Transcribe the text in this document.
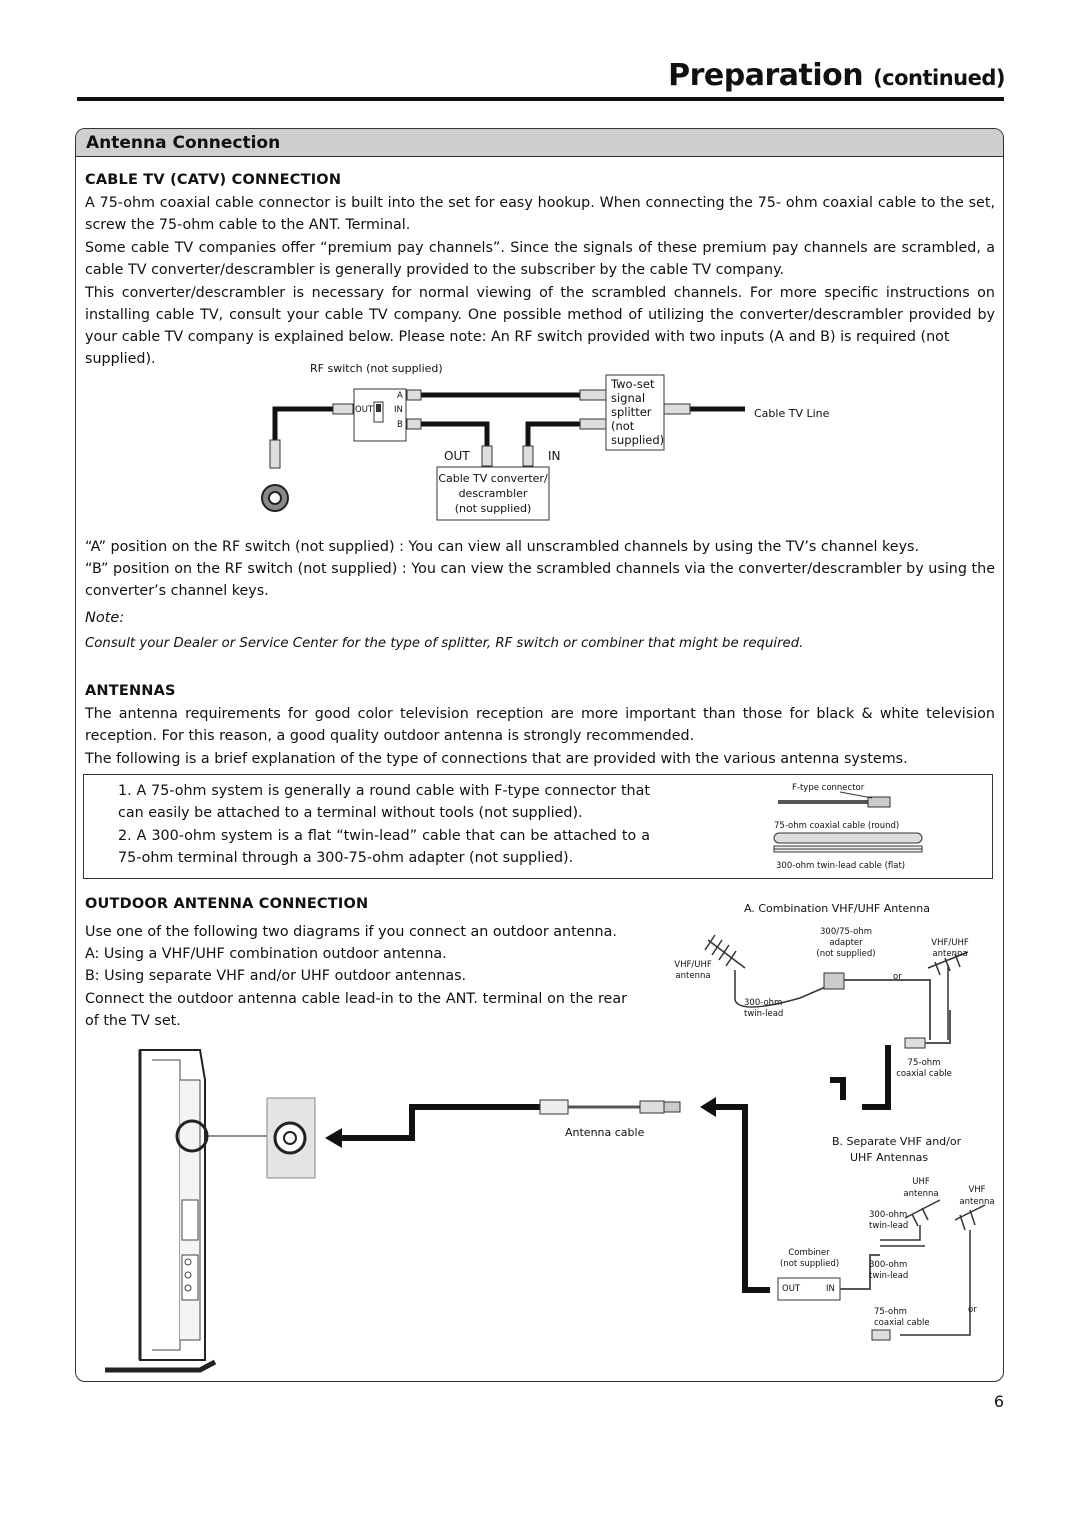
Preparation (continued)
Antenna Connection
CABLE TV (CATV) CONNECTION
A 75-ohm coaxial cable connector is built into the set for easy hookup. When connecting the 75- ohm coaxial cable to the set, screw the 75-ohm cable to the ANT. Terminal.
Some cable TV companies offer “premium pay channels”. Since the signals of these premium pay channels are scrambled, a cable TV converter/descrambler is generally provided to the subscriber by the cable TV company.
This converter/descrambler is necessary for normal viewing of the scrambled channels. For more specific instructions on installing cable TV, consult your cable TV company. One possible method of utilizing the converter/descrambler provided by your cable TV company is explained below. Please note: An RF switch provided with two inputs (A and B) is required (not
supplied).
RF switch (not supplied)
A
B
OUT IN
Two-set
signal
splitter
(not
supplied)
Cable TV Line
OUT	IN
Cable TV converter/
descrambler
(not supplied)
“A” position on the RF switch (not supplied) : You can view all unscrambled channels by using the TV’s channel keys.
“B” position on the RF switch (not supplied) : You can view the scrambled channels via the converter/descrambler by using the converter’s channel keys.
Note:
Consult your Dealer or Service Center for the type of splitter, RF switch or combiner that might be required.
ANTENNAS
The antenna requirements for good color television reception are more important than those for black & white television reception. For this reason, a good quality outdoor antenna is strongly recommended.
The following is a brief explanation of the type of connections that are provided with the various antenna systems.
1. A 75-ohm system is generally a round cable with F-type connector that can easily be attached to a terminal without tools (not supplied).
2. A 300-ohm system is a flat “twin-lead” cable that can be attached to a 75-ohm terminal through a 300-75-ohm adapter (not supplied).
F-type connector
75-ohm coaxial cable (round)
300-ohm twin-lead cable (flat)
OUTDOOR ANTENNA CONNECTION
Use one of the following two diagrams if you connect an outdoor antenna.
A: Using a VHF/UHF combination outdoor antenna.
B: Using separate VHF and/or UHF outdoor antennas.
Connect the outdoor antenna cable lead-in to the ANT. terminal on the rear of the TV set.
A. Combination VHF/UHF Antenna
300/75-ohm
adapter
(not supplied)
VHF/UHF
antenna
VHF/UHF
antenna
or
300-ohm
twin-lead
75-ohm
coaxial cable
Antenna cable
B. Separate VHF and/or
UHF Antennas
UHF
antenna	VHF
antenna
300-ohm
twin-lead
Combiner
(not supplied)
OUT	IN
300-ohm
twin-lead
75-ohm
coaxial cable
or
6
